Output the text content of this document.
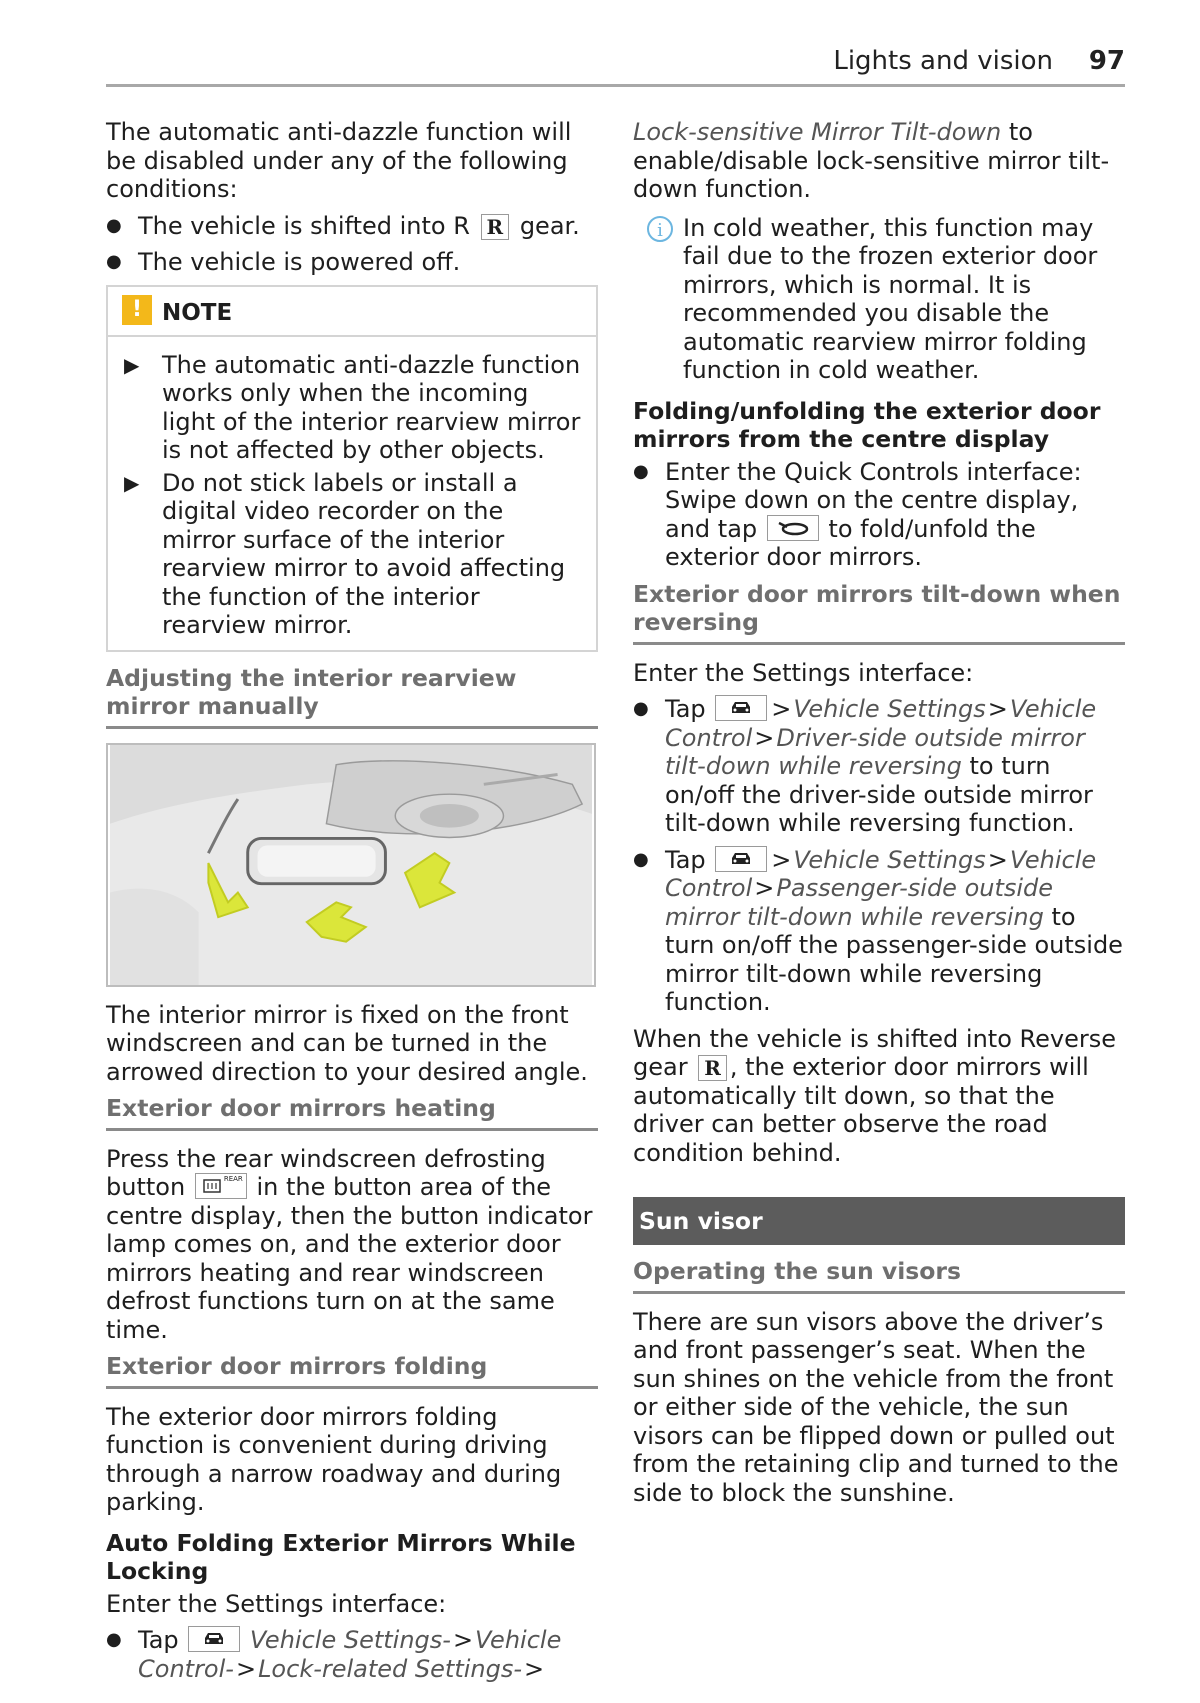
Lights and vision 97

The automatic anti-dazzle function will be disabled under any of the following conditions:

● The vehicle is shifted into R R gear.
● The vehicle is powered off.
! NOTE
▶ The automatic anti-dazzle function works only when the incoming light of the interior rearview mirror is not affected by other objects.
▶ Do not stick labels or install a digital video recorder on the mirror surface of the interior rearview mirror to avoid affecting the function of the interior rearview mirror.
Adjusting the interior rearview mirror manually

The interior mirror is fixed on the front windscreen and can be turned in the arrowed direction to your desired angle.

Exterior door mirrors heating

Press the rear windscreen defrosting button	REAR in the button area of the centre display, then the button indicator lamp comes on, and the exterior door mirrors heating and rear windscreen defrost functions turn on at the same time.

Exterior door mirrors folding

The exterior door mirrors folding function is convenient during driving through a narrow roadway and during parking.

Auto Folding Exterior Mirrors While Locking

Enter the Settings interface:

● Tap	Vehicle Settings->Vehicle Control->Lock-related Settings->

Lock-sensitive Mirror Tilt-down to enable/disable lock-sensitive mirror tilt-down function.

i In cold weather, this function may fail due to the frozen exterior door mirrors, which is normal. It is recommended you disable the automatic rearview mirror folding function in cold weather.
Folding/unfolding the exterior door mirrors from the centre display
● Enter the Quick Controls interface: Swipe down on the centre display, and tap	to fold/unfold the exterior door mirrors.
Exterior door mirrors tilt-down when reversing

Enter the Settings interface:

● Tap	>Vehicle Settings>Vehicle Control>Driver-side outside mirror tilt-down while reversing to turn on/off the driver-side outside mirror tilt-down while reversing function.
● Tap	>Vehicle Settings>Vehicle Control>Passenger-side outside mirror tilt-down while reversing to turn on/off the passenger-side outside mirror tilt-down while reversing function.

When the vehicle is shifted into Reverse gear R , the exterior door mirrors will automatically tilt down, so that the driver can better observe the road condition behind.

Sun visor
Operating the sun visors

There are sun visors above the driver’s and front passenger’s seat. When the sun shines on the vehicle from the front or either side of the vehicle, the sun visors can be flipped down or pulled out from the retaining clip and turned to the side to block the sunshine.
